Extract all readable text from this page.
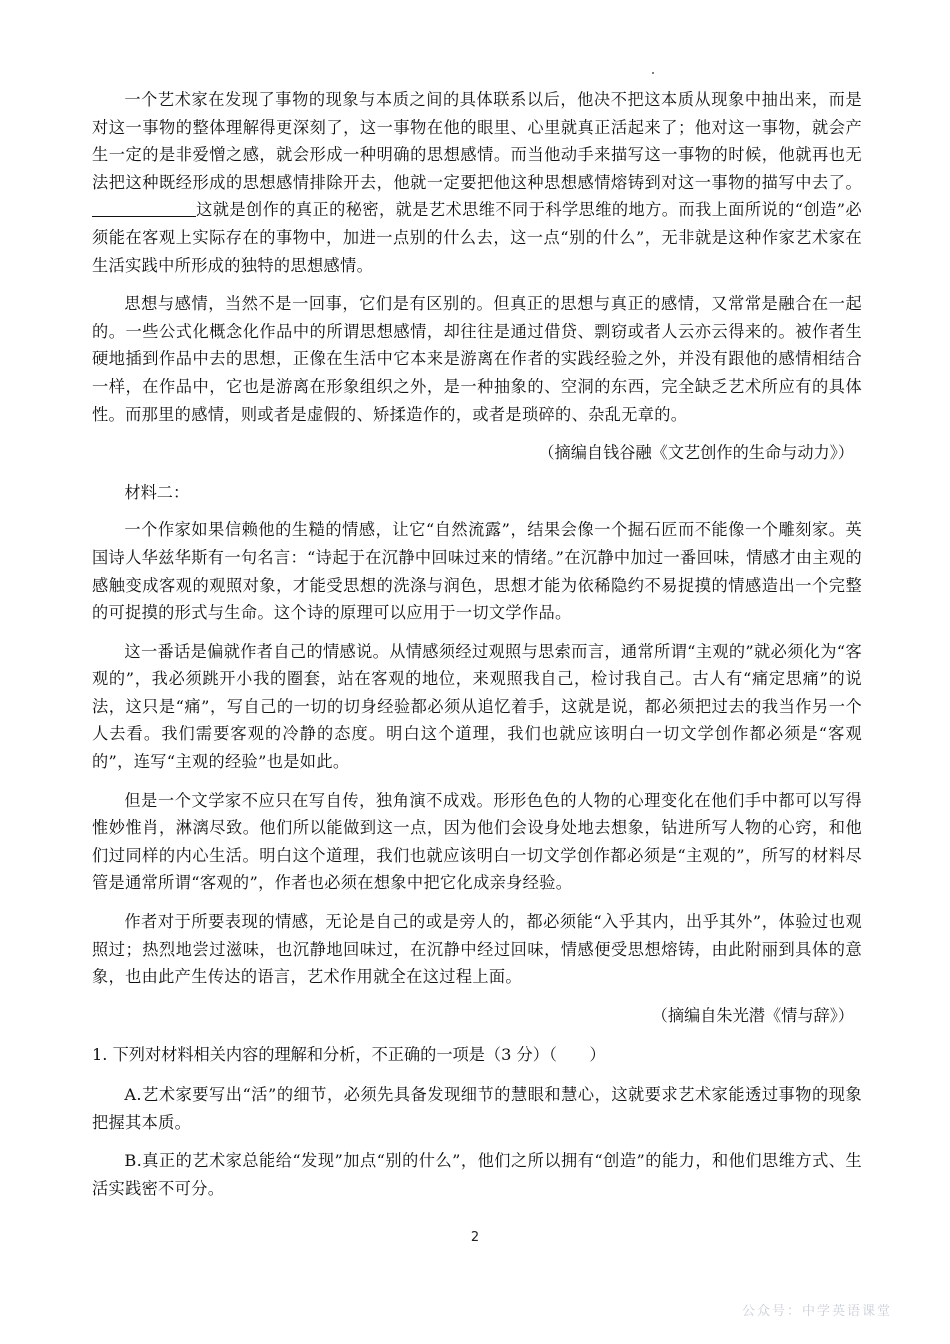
一个艺术家在发现了事物的现象与本质之间的具体联系以后，他决不把这本质从现象中抽出来，而是对这一事物的整体理解得更深刻了，这一事物在他的眼里、心里就真正活起来了；他对这一事物，就会产生一定的是非爱憎之感，就会形成一种明确的思想感情。而当他动手来描写这一事物的时候，他就再也无法把这种既经形成的思想感情排除开去，他就一定要把他这种思想感情熔铸到对这一事物的描写中去了。这就是创作的真正的秘密，就是艺术思维不同于科学思维的地方。而我上面所说的“创造”必须能在客观上实际存在的事物中，加进一点别的什么去，这一点“别的什么”，无非就是这种作家艺术家在生活实践中所形成的独特的思想感情。

思想与感情，当然不是一回事，它们是有区别的。但真正的思想与真正的感情，又常常是融合在一起的。一些公式化概念化作品中的所谓思想感情，却往往是通过借贷、剽窃或者人云亦云得来的。被作者生硬地插到作品中去的思想，正像在生活中它本来是游离在作者的实践经验之外，并没有跟他的感情相结合一样，在作品中，它也是游离在形象组织之外，是一种抽象的、空洞的东西，完全缺乏艺术所应有的具体性。而那里的感情，则或者是虚假的、矫揉造作的，或者是琐碎的、杂乱无章的。

（摘编自钱谷融《文艺创作的生命与动力》）
材料二：

一个作家如果信赖他的生糙的情感，让它“自然流露”，结果会像一个掘石匠而不能像一个雕刻家。英国诗人华兹华斯有一句名言：“诗起于在沉静中回味过来的情绪。”在沉静中加过一番回味，情感才由主观的感触变成客观的观照对象，才能受思想的洗涤与润色，思想才能为依稀隐约不易捉摸的情感造出一个完整的可捉摸的形式与生命。这个诗的原理可以应用于一切文学作品。

这一番话是偏就作者自己的情感说。从情感须经过观照与思索而言，通常所谓“主观的”就必须化为“客观的”，我必须跳开小我的圈套，站在客观的地位，来观照我自己，检讨我自己。古人有“痛定思痛”的说法，这只是“痛”，写自己的一切的切身经验都必须从追忆着手，这就是说，都必须把过去的我当作另一个人去看。我们需要客观的冷静的态度。明白这个道理，我们也就应该明白一切文学创作都必须是“客观的”，连写“主观的经验”也是如此。

但是一个文学家不应只在写自传，独角演不成戏。形形色色的人物的心理变化在他们手中都可以写得惟妙惟肖，淋漓尽致。他们所以能做到这一点，因为他们会设身处地去想象，钻进所写人物的心窍，和他们过同样的内心生活。明白这个道理，我们也就应该明白一切文学创作都必须是“主观的”，所写的材料尽管是通常所谓“客观的”，作者也必须在想象中把它化成亲身经验。

作者对于所要表现的情感，无论是自己的或是旁人的，都必须能“入乎其内，出乎其外”，体验过也观照过；热烈地尝过滋味，也沉静地回味过，在沉静中经过回味，情感便受思想熔铸，由此附丽到具体的意象，也由此产生传达的语言，艺术作用就全在这过程上面。

（摘编自朱光潜《情与辞》）
1. 下列对材料相关内容的理解和分析，不正确的一项是（3 分）（　　）

A.艺术家要写出“活”的细节，必须先具备发现细节的慧眼和慧心，这就要求艺术家能透过事物的现象把握其本质。

B.真正的艺术家总能给“发现”加点“别的什么”，他们之所以拥有“创造”的能力，和他们思维方式、生活实践密不可分。

2
公众号：中学英语课堂
